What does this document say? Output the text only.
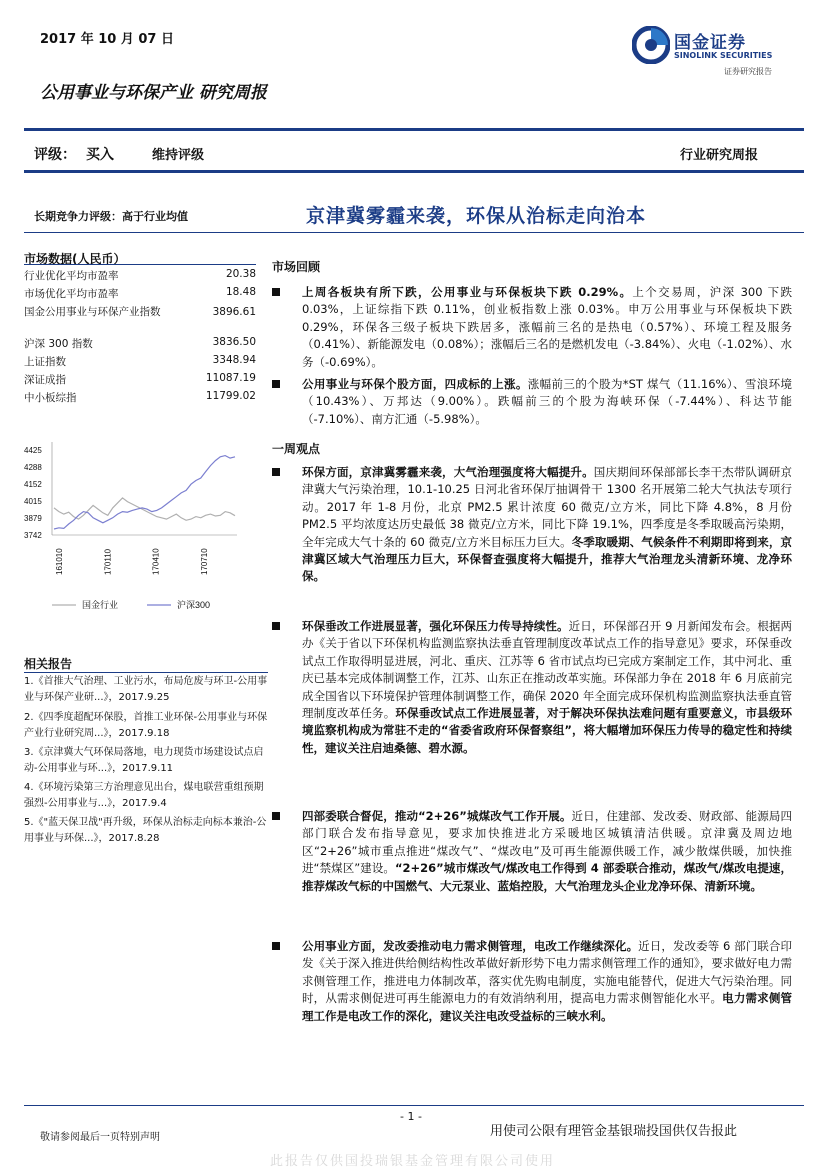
2017 年 10 月 07 日
公用事业与环保产业 研究周报
国金证券
SINOLINK SECURITIES
证券研究报告
评级： 买入	维持评级	行业研究周报
长期竞争力评级：高于行业均值	京津冀雾霾来袭，环保从治标走向治本
市场数据(人民币）
行业优化平均市盈率	20.38
市场优化平均市盈率	18.48
国金公用事业与环保产业指数	3896.61
沪深 300 指数	3836.50
上证指数	3348.94
深证成指	11087.19
中小板综指	11799.02
4425
4288
4152
4015
3879
3742
161010	170110	170410	170710
国金行业	沪深300
相关报告
1.《首推大气治理、工业污水，布局危废与环卫-公用事业与环保产业研...》，2017.9.25
2.《四季度超配环保股，首推工业环保-公用事业与环保产业行业研究周...》，2017.9.18
3.《京津冀大气环保局落地，电力现货市场建设试点启动-公用事业与环...》，2017.9.11
4.《环境污染第三方治理意见出台，煤电联营重组预期强烈-公用事业与...》，2017.9.4
5.《"蓝天保卫战"再升级，环保从治标走向标本兼治-公用事业与环保...》，2017.8.28
市场回顾
上周各板块有所下跌，公用事业与环保板块下跌 0.29%。上个交易周，沪深 300 下跌 0.03%，上证综指下跌 0.11%，创业板指数上涨 0.03%。申万公用事业与环保板块下跌 0.29%，环保各三级子板块下跌居多，涨幅前三名的是热电（0.57%）、环境工程及服务（0.41%）、新能源发电（0.08%）；涨幅后三名的是燃机发电（-3.84%）、火电（-1.02%）、水务（-0.69%）。
公用事业与环保个股方面，四成标的上涨。涨幅前三的个股为*ST 煤气（11.16%）、雪浪环境（10.43%）、万邦达（9.00%）。跌幅前三的个股为海峡环保（-7.44%）、科达节能（-7.10%）、南方汇通（-5.98%）。
一周观点
环保方面，京津冀雾霾来袭，大气治理强度将大幅提升。国庆期间环保部部长李干杰带队调研京津冀大气污染治理，10.1-10.25 日河北省环保厅抽调骨干 1300 名开展第二轮大气执法专项行动。2017 年 1-8 月份，北京 PM2.5 累计浓度 60 微克/立方米，同比下降 4.8%，8 月份 PM2.5 平均浓度达历史最低 38 微克/立方米，同比下降 19.1%，四季度是冬季取暖高污染期，全年完成大气十条的 60 微克/立方米目标压力巨大。冬季取暖期、气候条件不利期即将到来，京津冀区域大气治理压力巨大，环保督查强度将大幅提升，推荐大气治理龙头清新环境、龙净环保。
环保垂改工作进展显著，强化环保压力传导持续性。近日，环保部召开 9 月新闻发布会。根据两办《关于省以下环保机构监测监察执法垂直管理制度改革试点工作的指导意见》要求，环保垂改试点工作取得明显进展，河北、重庆、江苏等 6 省市试点均已完成方案制定工作，其中河北、重庆已基本完成体制调整工作，江苏、山东正在推动改革实施。环保部力争在 2018 年 6 月底前完成全国省以下环境保护管理体制调整工作，确保 2020 年全面完成环保机构监测监察执法垂直管理制度改革任务。环保垂改试点工作进展显著，对于解决环保执法难问题有重要意义，市县级环境监察机构成为常驻不走的“省委省政府环保督察组”，将大幅增加环保压力传导的稳定性和持续性，建议关注启迪桑德、碧水源。
四部委联合督促，推动“2+26”城煤改气工作开展。近日，住建部、发改委、财政部、能源局四部门联合发布指导意见，要求加快推进北方采暖地区城镇清洁供暖。京津冀及周边地区“2+26”城市重点推进“煤改气”、“煤改电”及可再生能源供暖工作，减少散煤供暖，加快推进“禁煤区”建设。“2+26”城市煤改气/煤改电工作得到 4 部委联合推动，煤改气/煤改电提速，推荐煤改气标的中国燃气、大元泵业、蓝焰控股，大气治理龙头企业龙净环保、清新环境。
公用事业方面，发改委推动电力需求侧管理，电改工作继续深化。近日，发改委等 6 部门联合印发《关于深入推进供给侧结构性改革做好新形势下电力需求侧管理工作的通知》，要求做好电力需求侧管理工作，推进电力体制改革，落实优先购电制度，实施电能替代，促进大气污染治理。同时，从需求侧促进可再生能源电力的有效消纳利用，提高电力需求侧智能化水平。电力需求侧管理工作是电改工作的深化，建议关注电改受益标的三峡水利。
- 1 -
敬请参阅最后一页特别声明	用使司公限有理管金基银瑞投国供仅告报此
此报告仅供国投瑞银基金管理有限公司使用
